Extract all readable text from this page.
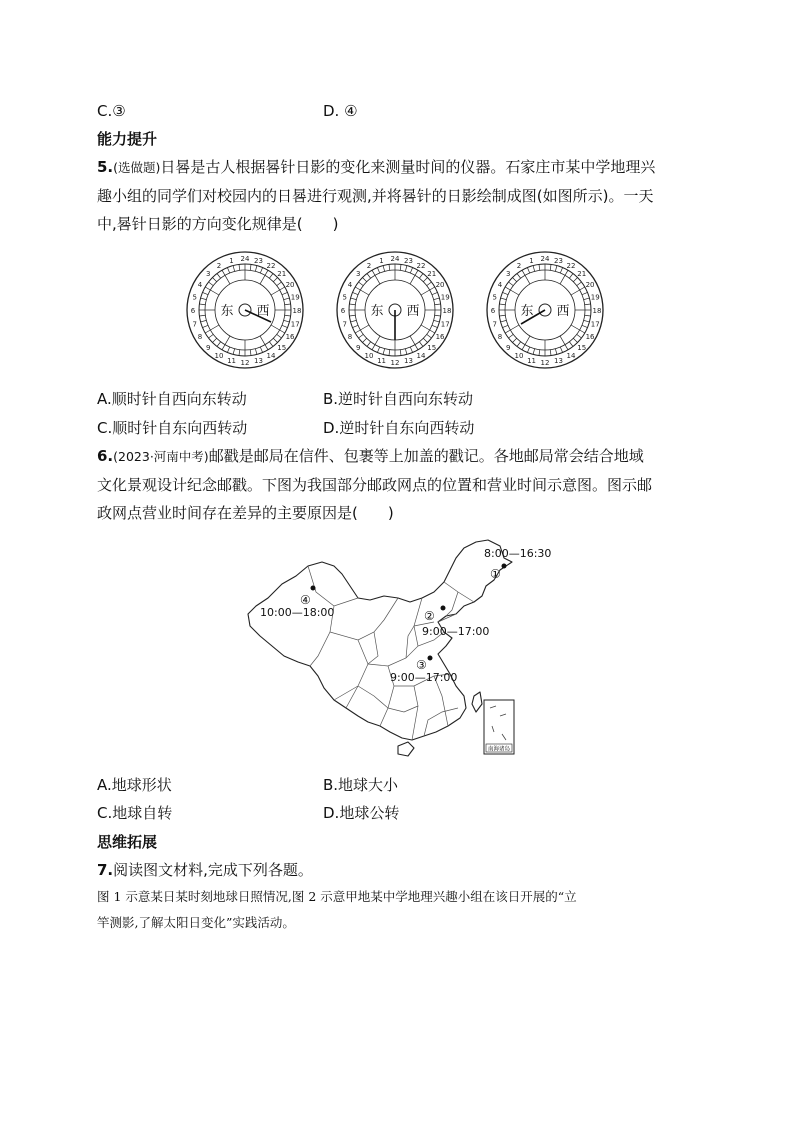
C.③	D. ④
能力提升
5.(选做题)日晷是古人根据晷针日影的变化来测量时间的仪器。石家庄市某中学地理兴
趣小组的同学们对校园内的日晷进行观测,并将晷针的日影绘制成图(如图所示)。一天
中,晷针日影的方向变化规律是(　　)
1
2
3
4
5
6
7
8
9
10
11 12 13
14
15
16
17
18
19
20
21
22
23
24
东 西
1
2
3
4
5
6
7
8
9
10
11 12 13
14
15
16
17
18
19
20
21
22
23
24
东 西
1
2
3
4
5
6
7
8
9
10
11 12 13
14
15
16
17
18
19
20
21
22
23
24
东 西
A.顺时针自西向东转动	B.逆时针自西向东转动
C.顺时针自东向西转动	D.逆时针自东向西转动
6.(2023·河南中考)邮戳是邮局在信件、包裹等上加盖的戳记。各地邮局常会结合地域
文化景观设计纪念邮戳。下图为我国部分邮政网点的位置和营业时间示意图。图示邮
政网点营业时间存在差异的主要原因是(　　)
南海诸岛
8:00—16:30
①
④
10:00—18:00	②
9:00—17:00
③
9:00—17:00
A.地球形状	B.地球大小
C.地球自转	D.地球公转
思维拓展
7.阅读图文材料,完成下列各题。
图 1 示意某日某时刻地球日照情况,图 2 示意甲地某中学地理兴趣小组在该日开展的“立
竿测影,了解太阳日变化”实践活动。
